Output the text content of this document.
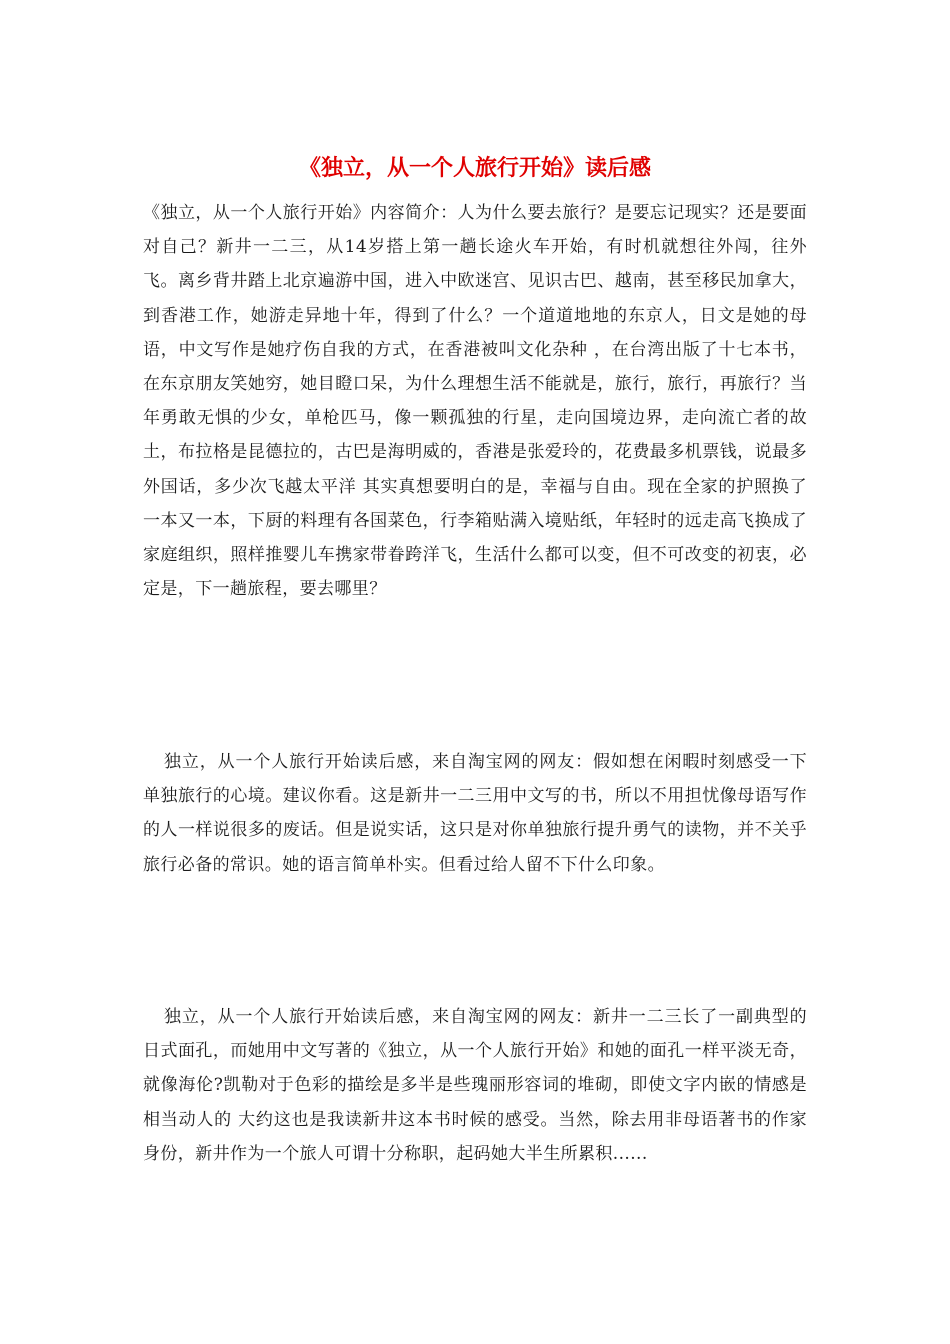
《独立，从一个人旅行开始》读后感

《独立，从一个人旅行开始》内容简介：人为什么要去旅行？是要忘记现实？还是要面对自己？新井一二三，从14岁搭上第一趟长途火车开始，有时机就想往外闯，往外飞。离乡背井踏上北京遍游中国，进入中欧迷宫、见识古巴、越南，甚至移民加拿大，到香港工作，她游走异地十年，得到了什么？一个道道地地的东京人，日文是她的母语，中文写作是她疗伤自我的方式，在香港被叫文化杂种 ，在台湾出版了十七本书，在东京朋友笑她穷，她目瞪口呆，为什么理想生活不能就是，旅行，旅行，再旅行？当年勇敢无惧的少女，单枪匹马，像一颗孤独的行星，走向国境边界，走向流亡者的故土，布拉格是昆德拉的，古巴是海明威的，香港是张爱玲的，花费最多机票钱，说最多外国话，多少次飞越太平洋 其实真想要明白的是，幸福与自由。现在全家的护照换了一本又一本，下厨的料理有各国菜色，行李箱贴满入境贴纸，年轻时的远走高飞换成了家庭组织，照样推婴儿车携家带眷跨洋飞，生活什么都可以变，但不可改变的初衷，必定是，下一趟旅程，要去哪里？

独立，从一个人旅行开始读后感，来自淘宝网的网友：假如想在闲暇时刻感受一下单独旅行的心境。建议你看。这是新井一二三用中文写的书，所以不用担忧像母语写作的人一样说很多的废话。但是说实话，这只是对你单独旅行提升勇气的读物，并不关乎旅行必备的常识。她的语言简单朴实。但看过给人留不下什么印象。

独立，从一个人旅行开始读后感，来自淘宝网的网友：新井一二三长了一副典型的日式面孔，而她用中文写著的《独立，从一个人旅行开始》和她的面孔一样平淡无奇，就像海伦?凯勒对于色彩的描绘是多半是些瑰丽形容词的堆砌，即使文字内嵌的情感是相当动人的 大约这也是我读新井这本书时候的感受。当然，除去用非母语著书的作家身份，新井作为一个旅人可谓十分称职，起码她大半生所累积......
